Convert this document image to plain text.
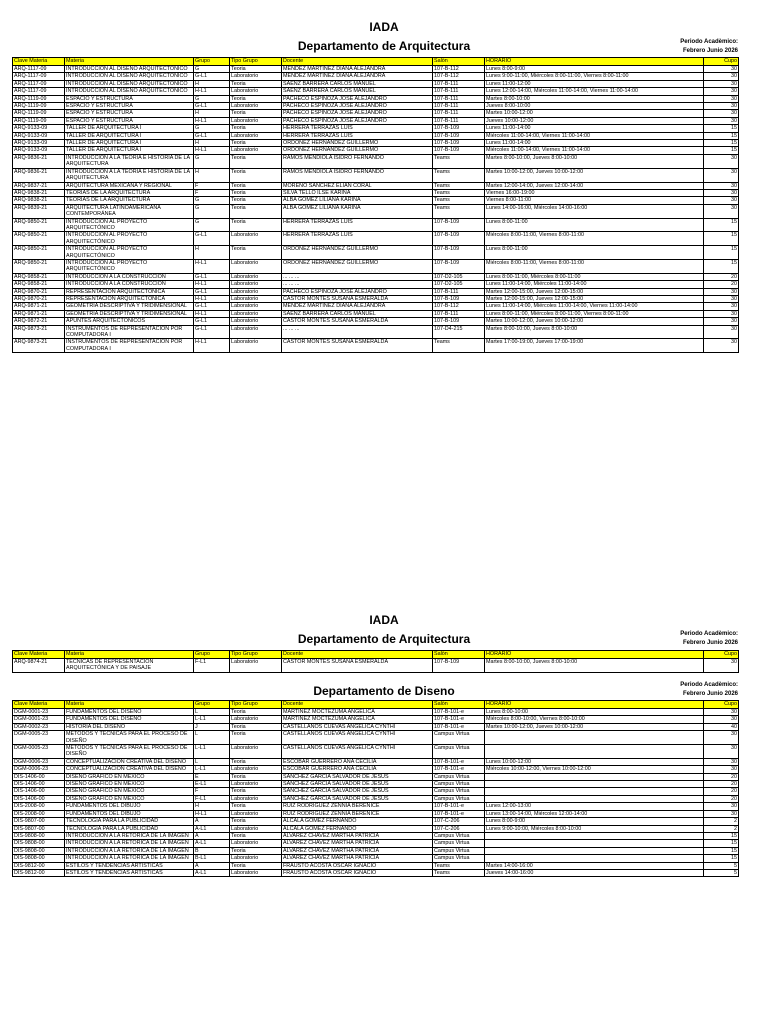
IADA
Departamento de Arquitectura	Periodo Acadèmico:
Febrero Junio 2026
Clave Materia	Materia	Grupo	Tipo Grupo	Docente	Salòn	HORARIO	Cupo
ARQ-1117-09	INTRODUCCION AL DISEÑO ARQUITECTONICO	G	Teoria	MENDEZ MARTINEZ DIANA ALEJANDRA	107-B-112	Lunes 8:00-9:00	30
ARQ-1117-09	INTRODUCCION AL DISEÑO ARQUITECTONICO	G-L1	Laboratorio	MENDEZ MARTINEZ DIANA ALEJANDRA	107-B-112	Lunes 9:00-11:00, Miércoles 8:00-11:00, Viernes 8:00-11:00	30
ARQ-1117-09	INTRODUCCION AL DISEÑO ARQUITECTONICO	H	Teoria	SAENZ BARRERA CARLOS MANUEL	107-B-111	Lunes 11:00-12:00	30
ARQ-1117-09	INTRODUCCION AL DISEÑO ARQUITECTONICO	H-L1	Laboratorio	SAENZ BARRERA CARLOS MANUEL	107-B-111	Lunes 12:00-14:00, Miércoles 11:00-14:00, Viernes 11:00-14:00	30
ARQ-1119-09	ESPACIO Y ESTRUCTURA	G	Teoria	PACHECO ESPINOZA JOSE ALEJANDRO	107-B-111	Martes 8:00-10:00	30
ARQ-1119-09	ESPACIO Y ESTRUCTURA	G-L1	Laboratorio	PACHECO ESPINOZA JOSE ALEJANDRO	107-B-111	Jueves 8:00-10:00	30
ARQ-1119-09	ESPACIO Y ESTRUCTURA	H	Teoria	PACHECO ESPINOZA JOSE ALEJANDRO	107-B-111	Martes 10:00-12:00	30
ARQ-1119-09	ESPACIO Y ESTRUCTURA	H-L1	Laboratorio	PACHECO ESPINOZA JOSE ALEJANDRO	107-B-111	Jueves 10:00-12:00	30
ARQ-9133-09	TALLER DE ARQUITECTURA I	G	Teoria	HERRERA TERRAZAS LUIS	107-B-109	Lunes 11:00-14:00	15
ARQ-9133-09	TALLER DE ARQUITECTURA I	G-L1	Laboratorio	HERRERA TERRAZAS LUIS	107-B-109	Miércoles 11:00-14:00, Viernes 11:00-14:00	15
ARQ-9133-09	TALLER DE ARQUITECTURA I	H	Teoria	ORDOÑEZ HERNANDEZ GUILLERMO	107-B-109	Lunes 11:00-14:00	15
ARQ-9133-09	TALLER DE ARQUITECTURA I	H-L1	Laboratorio	ORDOÑEZ HERNANDEZ GUILLERMO	107-B-109	Miércoles 11:00-14:00, Viernes 11:00-14:00	15
ARQ-9836-21	INTRODUCCIÓN A LA TEORÍA E HISTORIA DE LA ARQUITECTURA	G	Teoria	RAMOS MENDIOLA ISIDRO FERNANDO	Teams	Martes 8:00-10:00, Jueves 8:00-10:00	30
ARQ-9836-21	INTRODUCCIÓN A LA TEORÍA E HISTORIA DE LA ARQUITECTURA	H	Teoria	RAMOS MENDIOLA ISIDRO FERNANDO	Teams	Martes 10:00-12:00, Jueves 10:00-12:00	30
ARQ-9837-21	ARQUITECTURA MEXICANA Y REGIONAL	F	Teoria	MORENO SANCHEZ ELIAN CORAL	Teams	Martes 12:00-14:00, Jueves 12:00-14:00	30
ARQ-9838-21	TEORÍAS DE LA ARQUITECTURA	F	Teoria	SILVA TELLO ILSE KARINA	Teams	Viernes 16:00-19:00	30
ARQ-9838-21	TEORÍAS DE LA ARQUITECTURA	G	Teoria	ALBA GOMEZ LILIANA KARINA	Teams	Viernes 8:00-11:00	30
ARQ-9839-21	ARQUITECTURA LATINOAMERICANA CONTEMPORÁNEA	G	Teoria	ALBA GOMEZ LILIANA KARINA	Teams	Lunes 14:00-16:00, Miércoles 14:00-16:00	30
ARQ-9850-21	INTRODUCCIÓN AL PROYECTO ARQUITECTÓNICO	G	Teoria	HERRERA TERRAZAS LUIS	107-B-109	Lunes 8:00-11:00	15
ARQ-9850-21	INTRODUCCIÓN AL PROYECTO ARQUITECTÓNICO	G-L1	Laboratorio	HERRERA TERRAZAS LUIS	107-B-109	Miércoles 8:00-11:00, Viernes 8:00-11:00	15
ARQ-9850-21	INTRODUCCIÓN AL PROYECTO ARQUITECTÓNICO	H	Teoria	ORDOÑEZ HERNANDEZ GUILLERMO	107-B-109	Lunes 8:00-11:00	15
ARQ-9850-21	INTRODUCCIÓN AL PROYECTO ARQUITECTÓNICO	H-L1	Laboratorio	ORDOÑEZ HERNANDEZ GUILLERMO	107-B-109	Miércoles 8:00-11:00, Viernes 8:00-11:00	15
ARQ-9858-21	INTRODUCCIÓN A LA CONSTRUCCIÓN	G-L1	Laboratorio	... ... ...	107-D2-105	Lunes 8:00-11:00, Miércoles 8:00-11:00	20
ARQ-9858-21	INTRODUCCIÓN A LA CONSTRUCCIÓN	H-L1	Laboratorio	... ... ...	107-D2-105	Lunes 11:00-14:00, Miércoles 11:00-14:00	20
ARQ-9870-21	REPRESENTACIÓN ARQUITECTÓNICA	G-L1	Laboratorio	PACHECO ESPINOZA JOSE ALEJANDRO	107-B-111	Martes 12:00-15:00, Jueves 12:00-15:00	30
ARQ-9870-21	REPRESENTACIÓN ARQUITECTÓNICA	H-L1	Laboratorio	CASTOR MONTES SUSANA ESMERALDA	107-B-109	Martes 12:00-15:00, Jueves 12:00-15:00	30
ARQ-9871-21	GEOMETRÍA DESCRIPTIVA Y TRIDIMENSIONAL	G-L1	Laboratorio	MENDEZ MARTINEZ DIANA ALEJANDRA	107-B-112	Lunes 11:00-14:00, Miércoles 11:00-14:00, Viernes 11:00-14:00	30
ARQ-9871-21	GEOMETRÍA DESCRIPTIVA Y TRIDIMENSIONAL	H-L1	Laboratorio	SAENZ BARRERA CARLOS MANUEL	107-B-111	Lunes 8:00-11:00, Miércoles 8:00-11:00, Viernes 8:00-11:00	30
ARQ-9872-21	APUNTES ARQUITECTÓNICOS	G-L1	Laboratorio	CASTOR MONTES SUSANA ESMERALDA	107-B-109	Martes 10:00-12:00, Jueves 10:00-12:00	30
ARQ-9873-21	INSTRUMENTOS DE REPRESENTACIÓN POR COMPUTADORA I	G-L1	Laboratorio	... ... ...	107-D4-215	Martes 8:00-10:00, Jueves 8:00-10:00	30
ARQ-9873-21	INSTRUMENTOS DE REPRESENTACIÓN POR COMPUTADORA I	H-L1	Laboratorio	CASTOR MONTES SUSANA ESMERALDA	Teams	Martes 17:00-19:00, Jueves 17:00-19:00	30
IADA
Departamento de Arquitectura	Periodo Acadèmico:
Febrero Junio 2026
Clave Materia	Materia	Grupo	Tipo Grupo	Docente	Salòn	HORARIO	Cupo
ARQ-9874-21	TÉCNICAS DE REPRESENTACIÓN ARQUITECTÓNICA Y DE PAISAJE	F-L1	Laboratorio	CASTOR MONTES SUSANA ESMERALDA	107-B-109	Martes 8:00-10:00, Jueves 8:00-10:00	30
Departamento de Diseno	Periodo Acadèmico:
Febrero Junio 2026
Clave Materia	Materia	Grupo	Tipo Grupo	Docente	Salòn	HORARIO	Cupo
DGM-0001-23	FUNDAMENTOS DEL DISEÑO	L	Teoria	MARTINEZ MOCTEZUMA ANGELICA	107-B-101-e	Lunes 8:00-10:00	30
DGM-0001-23	FUNDAMENTOS DEL DISEÑO	L-L1	Laboratorio	MARTINEZ MOCTEZUMA ANGELICA	107-B-101-e	Miércoles 8:00-10:00, Viernes 8:00-10:00	30
DGM-0002-23	HISTORIA DEL DISEÑO	J	Teoria	CASTELLANOS CUEVAS ANGELICA CYNTHI	107-B-101-e	Martes 10:00-12:00, Jueves 10:00-12:00	40
DGM-0005-23	MÉTODOS Y TÉCNICAS PARA EL PROCESO DE DISEÑO	L	Teoria	CASTELLANOS CUEVAS ANGELICA CYNTHI	Campus Virtua		30
DGM-0005-23	MÉTODOS Y TÉCNICAS PARA EL PROCESO DE DISEÑO	L-L1	Laboratorio	CASTELLANOS CUEVAS ANGELICA CYNTHI	Campus Virtua		30
DGM-0006-23	CONCEPTUALIZACIÓN CREATIVA DEL DISEÑO	L	Teoria	ESCOBAR GUERRERO ANA CECILIA	107-B-101-e	Lunes 10:00-12:00	30
DGM-0006-23	CONCEPTUALIZACIÓN CREATIVA DEL DISEÑO	L-L1	Laboratorio	ESCOBAR GUERRERO ANA CECILIA	107-B-101-e	Miércoles 10:00-12:00, Viernes 10:00-12:00	30
DIS-1406-00	DISEÑO GRAFICO EN MEXICO	E	Teoria	SANCHEZ GARCIA SALVADOR DE JESUS	Campus Virtua		20
DIS-1406-00	DISEÑO GRAFICO EN MEXICO	E-L1	Laboratorio	SANCHEZ GARCIA SALVADOR DE JESUS	Campus Virtua		20
DIS-1406-00	DISEÑO GRAFICO EN MEXICO	F	Teoria	SANCHEZ GARCIA SALVADOR DE JESUS	Campus Virtua		20
DIS-1406-00	DISEÑO GRAFICO EN MEXICO	F-L1	Laboratorio	SANCHEZ GARCIA SALVADOR DE JESUS	Campus Virtua		20
DIS-2008-00	FUNDAMENTOS DEL DIBUJO	H	Teoria	RUIZ RODRIGUEZ ZENNIA BERENICE	107-B-101-e	Lunes 12:00-13:00	30
DIS-2008-00	FUNDAMENTOS DEL DIBUJO	H-L1	Laboratorio	RUIZ RODRIGUEZ ZENNIA BERENICE	107-B-101-e	Lunes 13:00-14:00, Miércoles 12:00-14:00	30
DIS-9807-00	TECNOLOGIA PARA LA PUBLICIDAD	A	Teoria	ALCALA GOMEZ FERNANDO	107-C-206	Lunes 8:00-9:00	2
DIS-9807-00	TECNOLOGIA PARA LA PUBLICIDAD	A-L1	Laboratorio	ALCALA GOMEZ FERNANDO	107-C-206	Lunes 9:00-10:00, Miércoles 8:00-10:00	2
DIS-9808-00	INTRODUCCION A LA RETORICA DE LA IMAGEN	A	Teoria	ALVAREZ CHAVEZ MARTHA PATRICIA	Campus Virtua		15
DIS-9808-00	INTRODUCCION A LA RETORICA DE LA IMAGEN	A-L1	Laboratorio	ALVAREZ CHAVEZ MARTHA PATRICIA	Campus Virtua		15
DIS-9808-00	INTRODUCCION A LA RETORICA DE LA IMAGEN	B	Teoria	ALVAREZ CHAVEZ MARTHA PATRICIA	Campus Virtua		15
DIS-9808-00	INTRODUCCION A LA RETORICA DE LA IMAGEN	B-L1	Laboratorio	ALVAREZ CHAVEZ MARTHA PATRICIA	Campus Virtua		15
DIS-9812-00	ESTILOS Y TENDENCIAS ARTISTICAS	A	Teoria	FRAUSTO ACOSTA OSCAR IGNACIO	Teams	Martes 14:00-16:00	5
DIS-9812-00	ESTILOS Y TENDENCIAS ARTISTICAS	A-L1	Laboratorio	FRAUSTO ACOSTA OSCAR IGNACIO	Teams	Jueves 14:00-16:00	5
